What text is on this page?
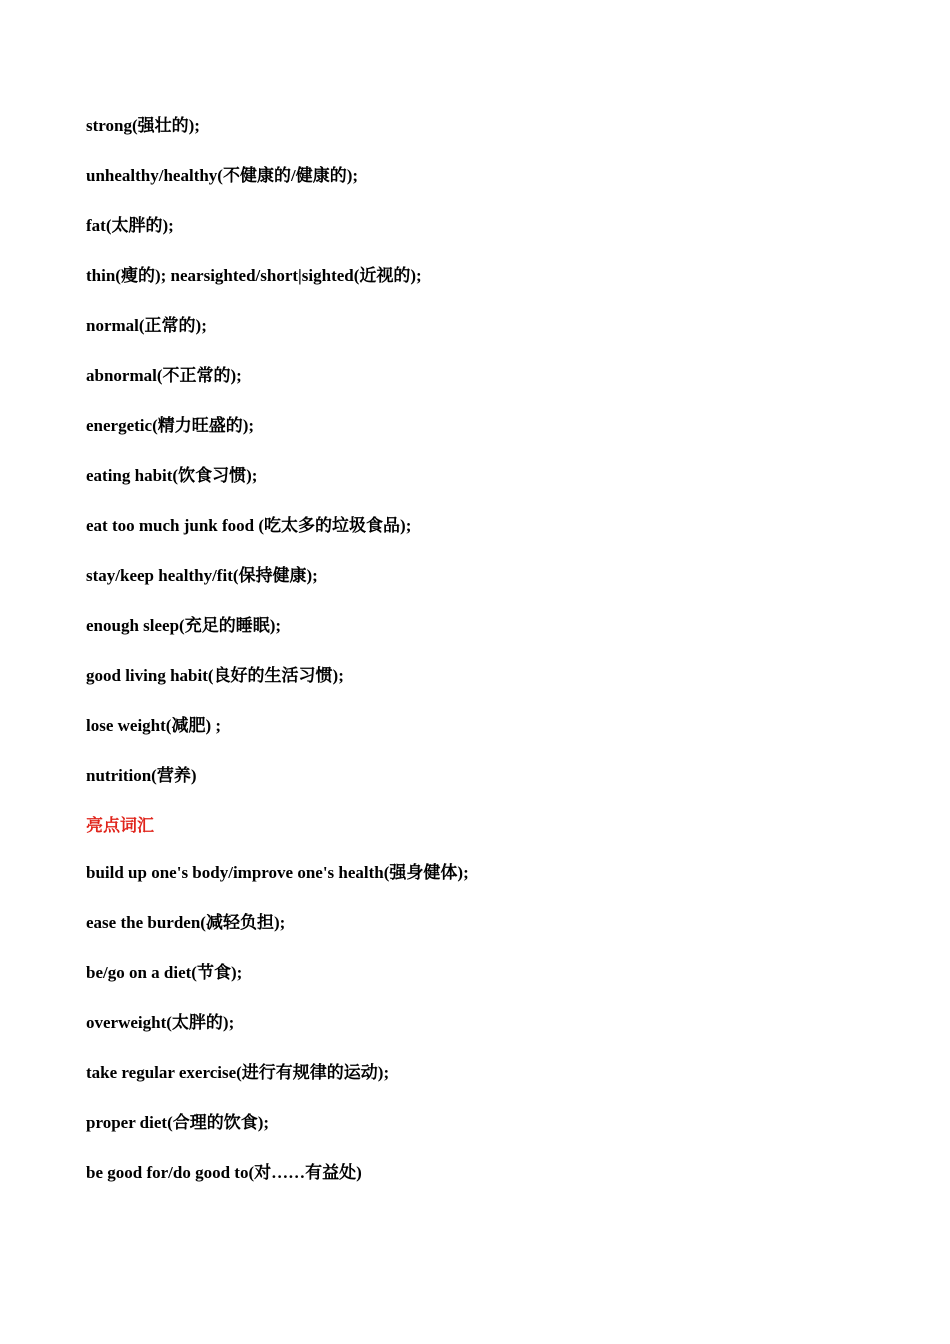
strong(强壮的);
unhealthy/healthy(不健康的/健康的);
fat(太胖的);
thin(瘦的); nearsighted/short|sighted(近视的);
normal(正常的);
abnormal(不正常的);
energetic(精力旺盛的);
eating habit(饮食习惯);
eat too much junk food (吃太多的垃圾食品);
stay/keep healthy/fit(保持健康);
enough sleep(充足的睡眠);
good living habit(良好的生活习惯);
lose weight(减肥) ;
nutrition(营养)
亮点词汇
build up one's body/improve one's health(强身健体);
ease the burden(减轻负担);
be/go on a diet(节食);
overweight(太胖的);
take regular exercise(进行有规律的运动);
proper diet(合理的饮食);
be good for/do good to(对……有益处)
